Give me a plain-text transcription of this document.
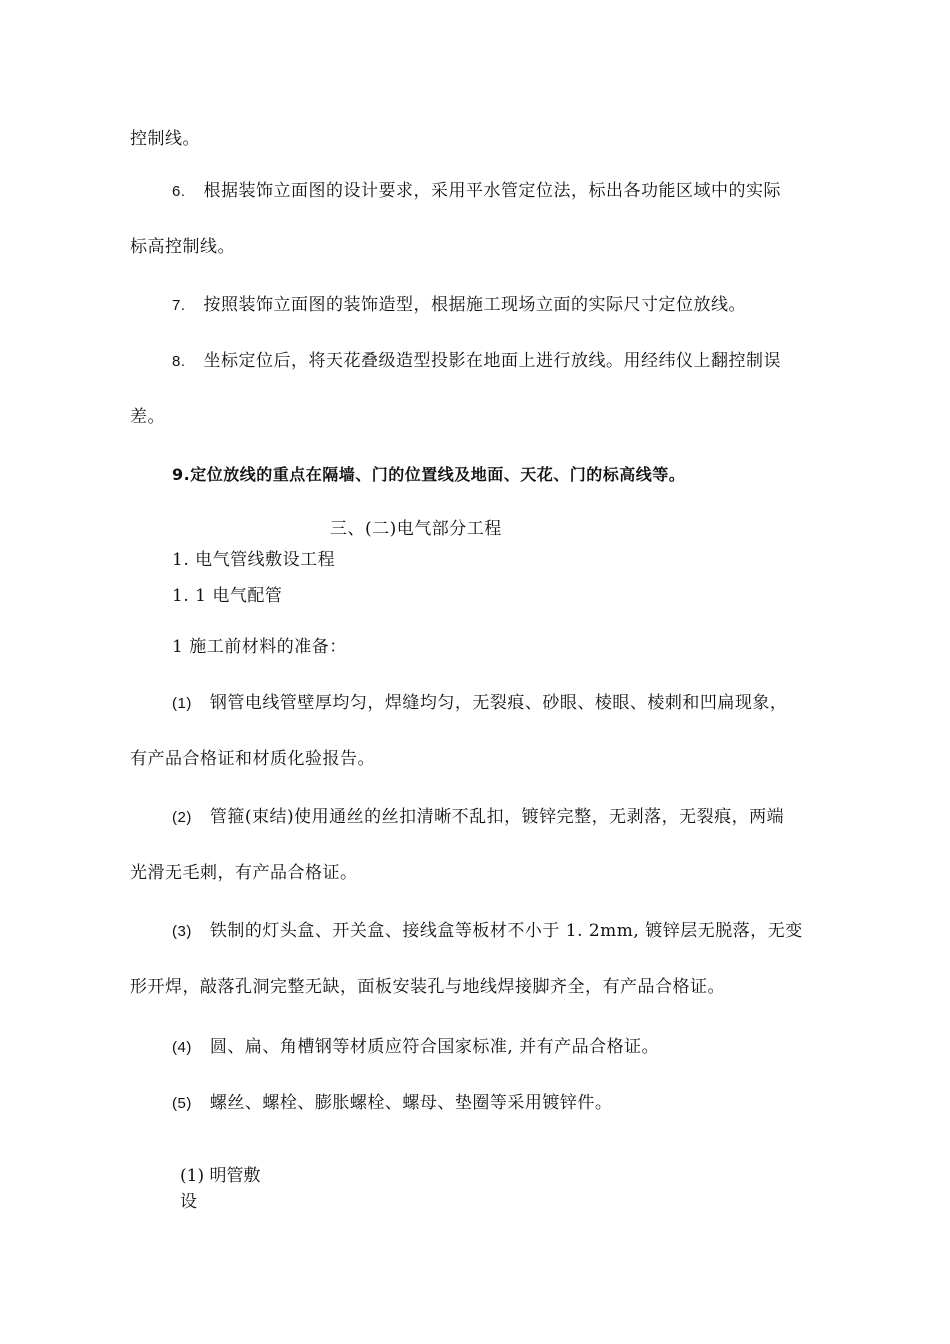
控制线。
6. 根据装饰立面图的设计要求，采用平水管定位法，标出各功能区域中的实际
标高控制线。
7. 按照装饰立面图的装饰造型，根据施工现场立面的实际尺寸定位放线。
8. 坐标定位后，将天花叠级造型投影在地面上进行放线。用经纬仪上翻控制误
差。
9.定位放线的重点在隔墙、门的位置线及地面、天花、门的标高线等。
三、(二)电气部分工程
1. 电气管线敷设工程
1. 1 电气配管
1 施工前材料的准备：
(1) 钢管电线管壁厚均匀，焊缝均匀，无裂痕、砂眼、棱眼、棱刺和凹扁现象，
有产品合格证和材质化验报告。
(2) 管箍(束结)使用通丝的丝扣清晰不乱扣，镀锌完整，无剥落，无裂痕，两端
光滑无毛刺，有产品合格证。
(3) 铁制的灯头盒、开关盒、接线盒等板材不小于 1. 2mm, 镀锌层无脱落，无变
形开焊，敲落孔洞完整无缺，面板安装孔与地线焊接脚齐全，有产品合格证。
(4) 圆、扁、角槽钢等材质应符合国家标准, 并有产品合格证。
(5) 螺丝、螺栓、膨胀螺栓、螺母、垫圈等采用镀锌件。
(1) 明管敷设
